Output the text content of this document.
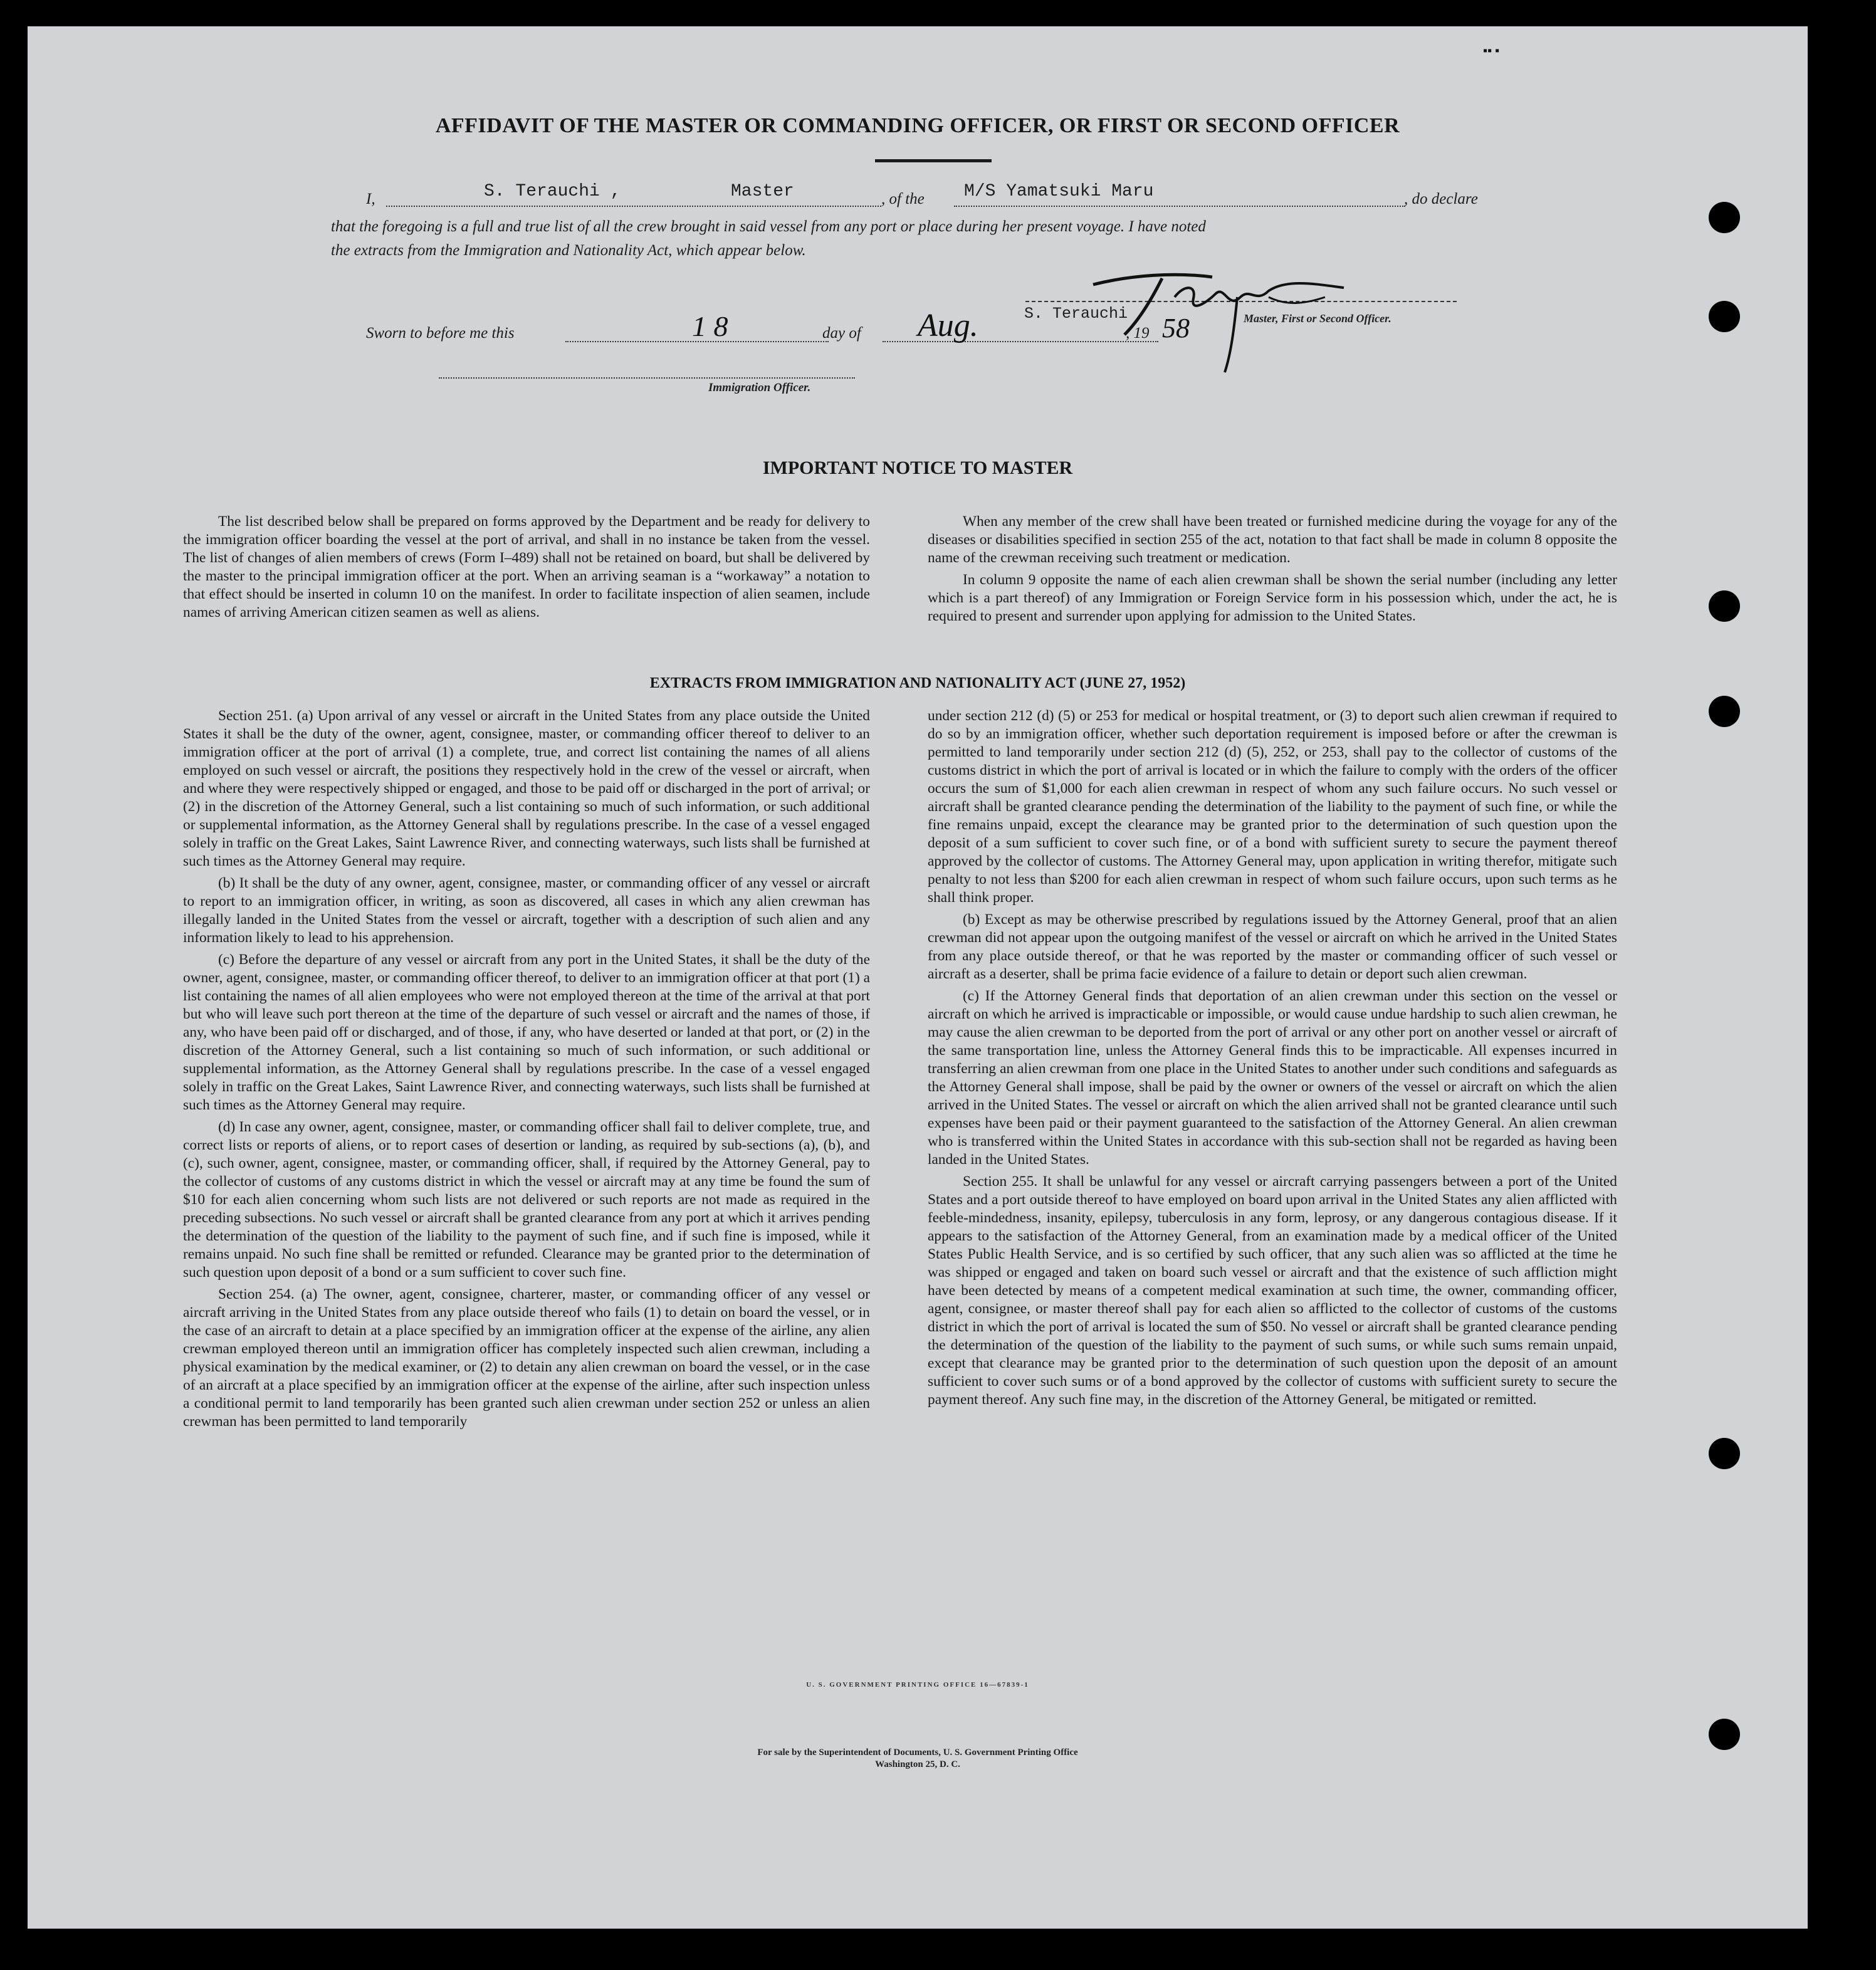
AFFIDAVIT OF THE MASTER OR COMMANDING OFFICER, OR FIRST OR SECOND OFFICER
I,	S. Terauchi ,	Master	, of the M/S Yamatsuki Maru	, do declare
that the foregoing is a full and true list of all the crew brought in said vessel from any port or place during her present voyage. I have noted
the extracts from the Immigration and Nationality Act, which appear below.
S. Terauchi	Master, First or Second Officer.
Sworn to before me this	1 8	day of Aug.	, 19 58
Immigration Officer.
IMPORTANT NOTICE TO MASTER

The list described below shall be prepared on forms approved by the Department and be ready for delivery to the immigration officer boarding the vessel at the port of arrival, and shall in no instance be taken from the vessel. The list of changes of alien members of crews (Form I–489) shall not be retained on board, but shall be delivered by the master to the principal immigration officer at the port. When an arriving seaman is a “workaway” a notation to that effect should be inserted in column 10 on the manifest. In order to facilitate inspection of alien seamen, include names of arriving American citizen seamen as well as aliens.

When any member of the crew shall have been treated or furnished medicine during the voyage for any of the diseases or disabilities specified in section 255 of the act, notation to that fact shall be made in column 8 opposite the name of the crewman receiving such treatment or medication.

In column 9 opposite the name of each alien crewman shall be shown the serial number (including any letter which is a part thereof) of any Immigration or Foreign Service form in his possession which, under the act, he is required to present and surrender upon applying for admission to the United States.

EXTRACTS FROM IMMIGRATION AND NATIONALITY ACT (JUNE 27, 1952)

Section 251. (a) Upon arrival of any vessel or aircraft in the United States from any place outside the United States it shall be the duty of the owner, agent, consignee, master, or commanding officer thereof to deliver to an immigration officer at the port of arrival (1) a complete, true, and correct list containing the names of all aliens employed on such vessel or aircraft, the positions they respectively hold in the crew of the vessel or aircraft, when and where they were respectively shipped or engaged, and those to be paid off or discharged in the port of arrival; or (2) in the discretion of the Attorney General, such a list containing so much of such information, or such additional or supplemental information, as the Attorney General shall by regulations prescribe. In the case of a vessel engaged solely in traffic on the Great Lakes, Saint Lawrence River, and connecting waterways, such lists shall be furnished at such times as the Attorney General may require.

(b) It shall be the duty of any owner, agent, consignee, master, or commanding officer of any vessel or aircraft to report to an immigration officer, in writing, as soon as discovered, all cases in which any alien crewman has illegally landed in the United States from the vessel or aircraft, together with a description of such alien and any information likely to lead to his apprehension.

(c) Before the departure of any vessel or aircraft from any port in the United States, it shall be the duty of the owner, agent, consignee, master, or commanding officer thereof, to deliver to an immigration officer at that port (1) a list containing the names of all alien employees who were not employed thereon at the time of the arrival at that port but who will leave such port thereon at the time of the departure of such vessel or aircraft and the names of those, if any, who have been paid off or discharged, and of those, if any, who have deserted or landed at that port, or (2) in the discretion of the Attorney General, such a list containing so much of such information, or such additional or supplemental information, as the Attorney General shall by regulations prescribe. In the case of a vessel engaged solely in traffic on the Great Lakes, Saint Lawrence River, and connecting waterways, such lists shall be furnished at such times as the Attorney General may require.

(d) In case any owner, agent, consignee, master, or commanding officer shall fail to deliver complete, true, and correct lists or reports of aliens, or to report cases of desertion or landing, as required by sub-sections (a), (b), and (c), such owner, agent, consignee, master, or commanding officer, shall, if required by the Attorney General, pay to the collector of customs of any customs district in which the vessel or aircraft may at any time be found the sum of $10 for each alien concerning whom such lists are not delivered or such reports are not made as required in the preceding subsections. No such vessel or aircraft shall be granted clearance from any port at which it arrives pending the determination of the question of the liability to the payment of such fine, and if such fine is imposed, while it remains unpaid. No such fine shall be remitted or refunded. Clearance may be granted prior to the determination of such question upon deposit of a bond or a sum sufficient to cover such fine.

Section 254. (a) The owner, agent, consignee, charterer, master, or commanding officer of any vessel or aircraft arriving in the United States from any place outside thereof who fails (1) to detain on board the vessel, or in the case of an aircraft to detain at a place specified by an immigration officer at the expense of the airline, any alien crewman employed thereon until an immigration officer has completely inspected such alien crewman, including a physical examination by the medical examiner, or (2) to detain any alien crewman on board the vessel, or in the case of an aircraft at a place specified by an immigration officer at the expense of the airline, after such inspection unless a conditional permit to land temporarily has been granted such alien crewman under section 252 or unless an alien crewman has been permitted to land temporarily

under section 212 (d) (5) or 253 for medical or hospital treatment, or (3) to deport such alien crewman if required to do so by an immigration officer, whether such deportation requirement is imposed before or after the crewman is permitted to land temporarily under section 212 (d) (5), 252, or 253, shall pay to the collector of customs of the customs district in which the port of arrival is located or in which the failure to comply with the orders of the officer occurs the sum of $1,000 for each alien crewman in respect of whom any such failure occurs. No such vessel or aircraft shall be granted clearance pending the determination of the liability to the payment of such fine, or while the fine remains unpaid, except the clearance may be granted prior to the determination of such question upon the deposit of a sum sufficient to cover such fine, or of a bond with sufficient surety to secure the payment thereof approved by the collector of customs. The Attorney General may, upon application in writing therefor, mitigate such penalty to not less than $200 for each alien crewman in respect of whom such failure occurs, upon such terms as he shall think proper.

(b) Except as may be otherwise prescribed by regulations issued by the Attorney General, proof that an alien crewman did not appear upon the outgoing manifest of the vessel or aircraft on which he arrived in the United States from any place outside thereof, or that he was reported by the master or commanding officer of such vessel or aircraft as a deserter, shall be prima facie evidence of a failure to detain or deport such alien crewman.

(c) If the Attorney General finds that deportation of an alien crewman under this section on the vessel or aircraft on which he arrived is impracticable or impossible, or would cause undue hardship to such alien crewman, he may cause the alien crewman to be deported from the port of arrival or any other port on another vessel or aircraft of the same transportation line, unless the Attorney General finds this to be impracticable. All expenses incurred in transferring an alien crewman from one place in the United States to another under such conditions and safeguards as the Attorney General shall impose, shall be paid by the owner or owners of the vessel or aircraft on which the alien arrived in the United States. The vessel or aircraft on which the alien arrived shall not be granted clearance until such expenses have been paid or their payment guaranteed to the satisfaction of the Attorney General. An alien crewman who is transferred within the United States in accordance with this sub-section shall not be regarded as having been landed in the United States.

Section 255. It shall be unlawful for any vessel or aircraft carrying passengers between a port of the United States and a port outside thereof to have employed on board upon arrival in the United States any alien afflicted with feeble-mindedness, insanity, epilepsy, tuberculosis in any form, leprosy, or any dangerous contagious disease. If it appears to the satisfaction of the Attorney General, from an examination made by a medical officer of the United States Public Health Service, and is so certified by such officer, that any such alien was so afflicted at the time he was shipped or engaged and taken on board such vessel or aircraft and that the existence of such affliction might have been detected by means of a competent medical examination at such time, the owner, commanding officer, agent, consignee, or master thereof shall pay for each alien so afflicted to the collector of customs of the customs district in which the port of arrival is located the sum of $50. No vessel or aircraft shall be granted clearance pending the determination of the question of the liability to the payment of such sums, or while such sums remain unpaid, except that clearance may be granted prior to the determination of such question upon the deposit of an amount sufficient to cover such sums or of a bond approved by the collector of customs with sufficient surety to secure the payment thereof. Any such fine may, in the discretion of the Attorney General, be mitigated or remitted.

U. S. GOVERNMENT PRINTING OFFICE 16—67839-1
For sale by the Superintendent of Documents, U. S. Government Printing Office
Washington 25, D. C.
▪▪ ▪
